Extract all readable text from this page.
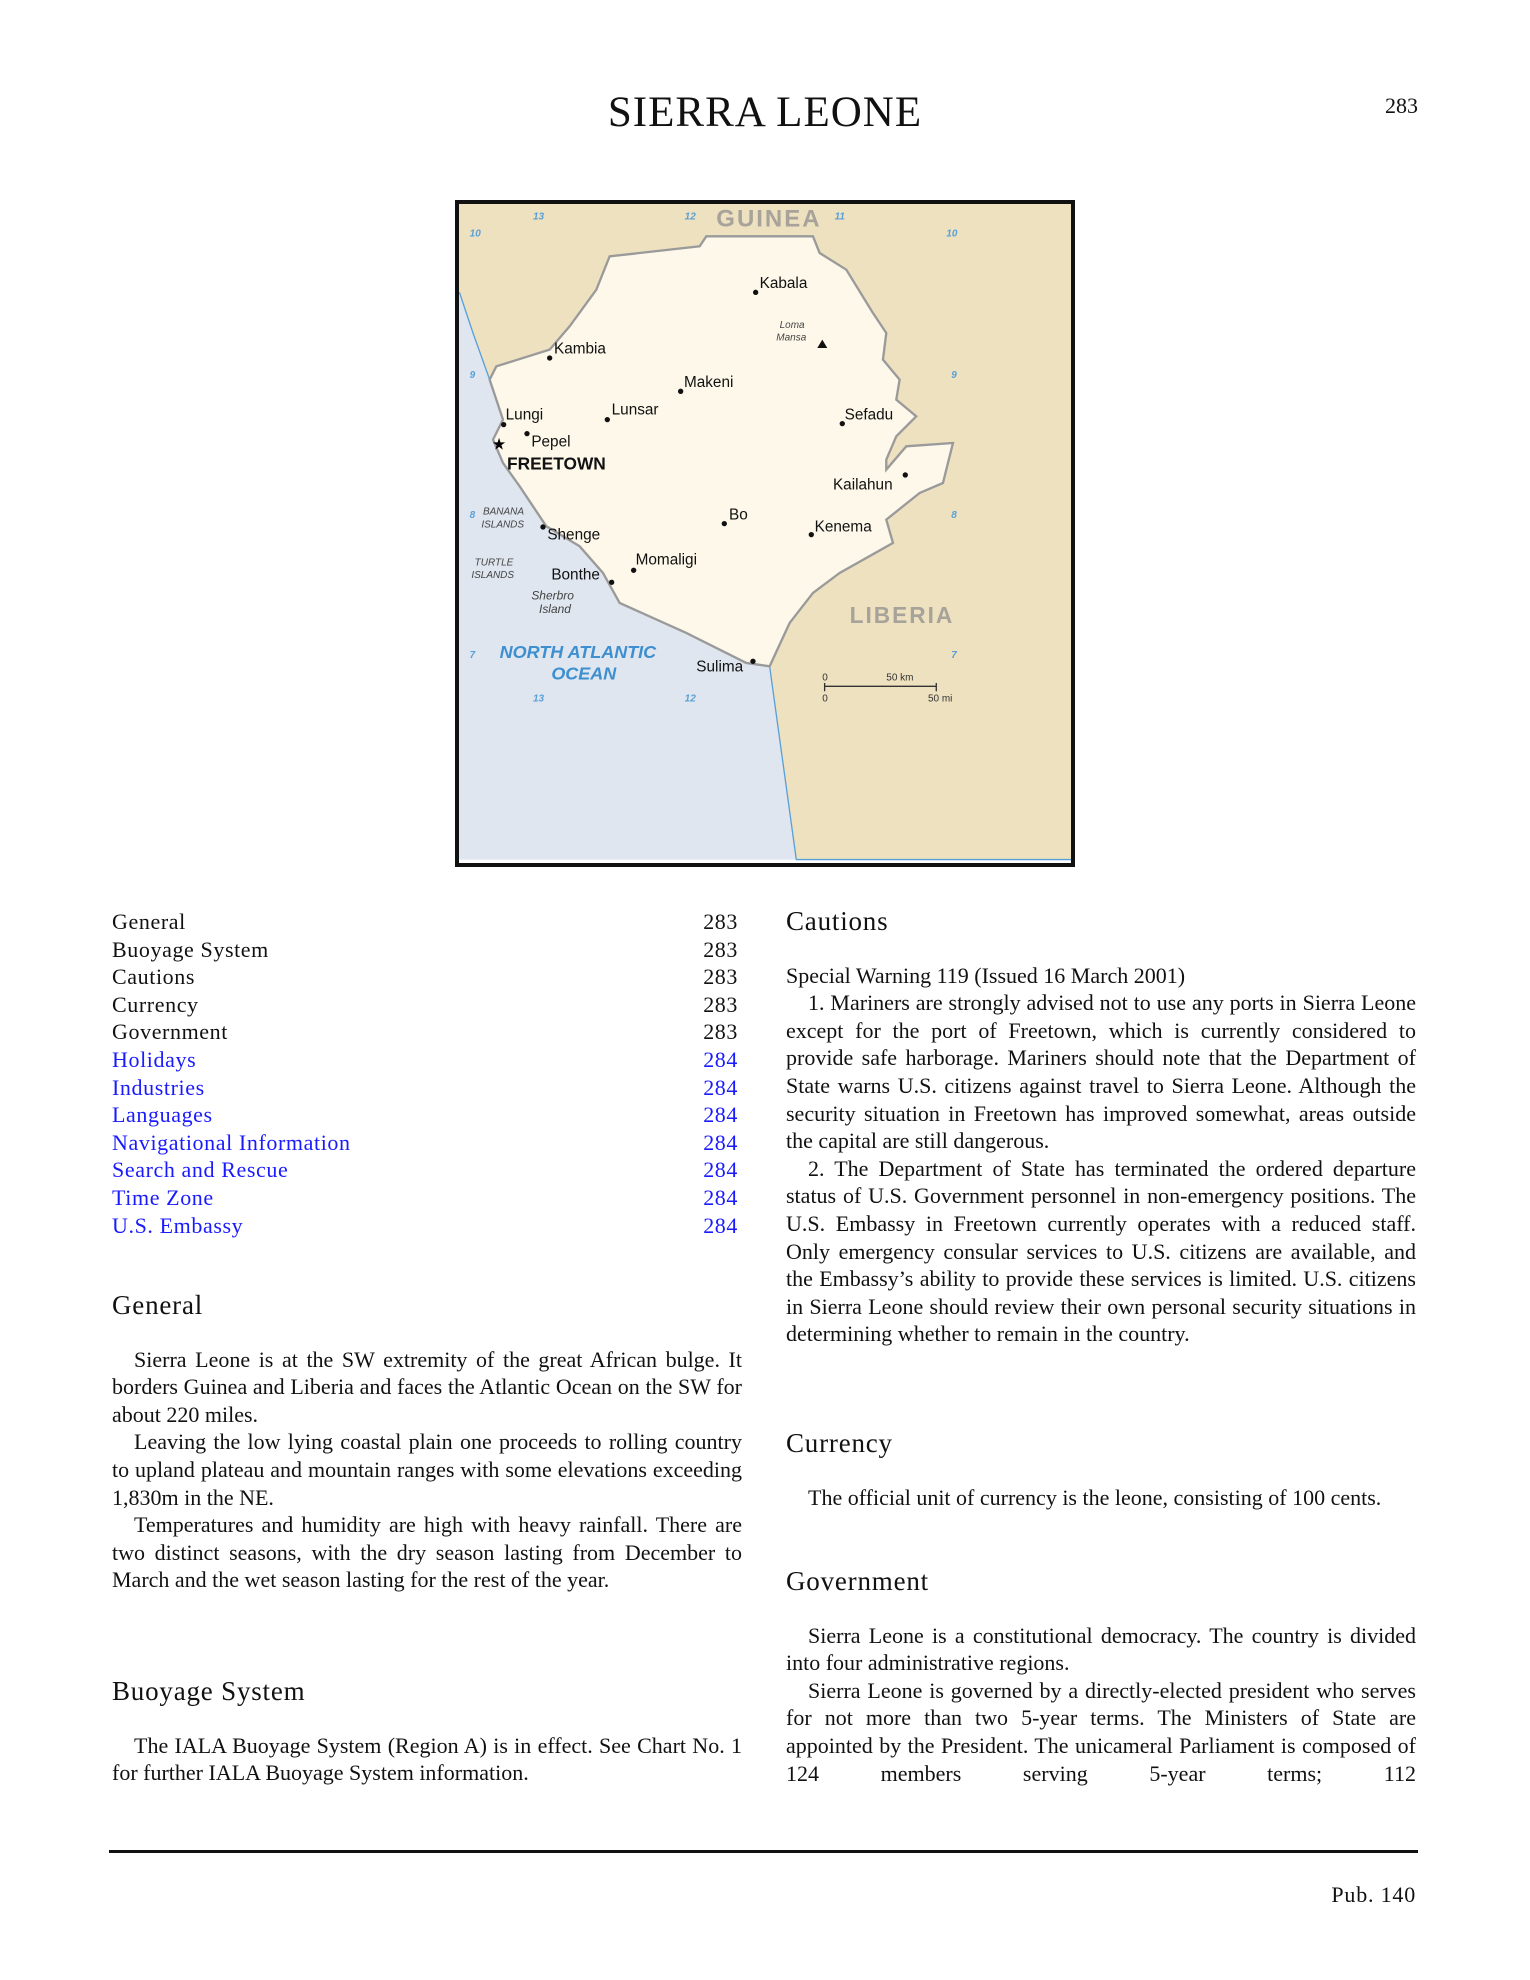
SIERRA LEONE	283
13
13
12
12
11
10	10
9	9
8	8
7	7
GUINEA
LIBERIA
NORTH ATLANTIC
OCEAN
Kabala
Kambia
Makeni
Lunsar
Lungi
Pepel
Sefadu
Kailahun
Bo
Kenema
Shenge
Momaligi
Bonthe
Sulima
★
FREETOWN
Loma
Mansa
BANANA
ISLANDS
TURTLE
ISLANDS
Sherbro
Island
0 50 km
0	50 mi
General	283
Buoyage System	283
Cautions	283
Currency	283
Government	283
Holidays	284
Industries	284
Languages	284
Navigational Information	284
Search and Rescue	284
Time Zone	284
U.S. Embassy	284
General

Sierra Leone is at the SW extremity of the great African bulge. It borders Guinea and Liberia and faces the Atlantic Ocean on the SW for about 220 miles.

Leaving the low lying coastal plain one proceeds to rolling country to upland plateau and mountain ranges with some elevations exceeding 1,830m in the NE.

Temperatures and humidity are high with heavy rainfall. There are two distinct seasons, with the dry season lasting from December to March and the wet season lasting for the rest of the year.

Buoyage System

The IALA Buoyage System (Region A) is in effect. See Chart No. 1 for further IALA Buoyage System information.

Cautions

Special Warning 119 (Issued 16 March 2001)

1. Mariners are strongly advised not to use any ports in Sierra Leone except for the port of Freetown, which is currently considered to provide safe harborage. Mariners should note that the Department of State warns U.S. citizens against travel to Sierra Leone. Although the security situation in Freetown has improved somewhat, areas outside the capital are still dangerous.

2. The Department of State has terminated the ordered departure status of U.S. Government personnel in non-emergency positions. The U.S. Embassy in Freetown currently operates with a reduced staff. Only emergency consular services to U.S. citizens are available, and the Embassy’s ability to provide these services is limited. U.S. citizens in Sierra Leone should review their own personal security situations in determining whether to remain in the country.

Currency

The official unit of currency is the leone, consisting of 100 cents.

Government

Sierra Leone is a constitutional democracy. The country is divided into four administrative regions.

Sierra Leone is governed by a directly-elected president who serves for not more than two 5-year terms. The Ministers of State are appointed by the President. The unicameral Parliament is composed of 124 members serving 5-year terms; 112

Pub. 140
